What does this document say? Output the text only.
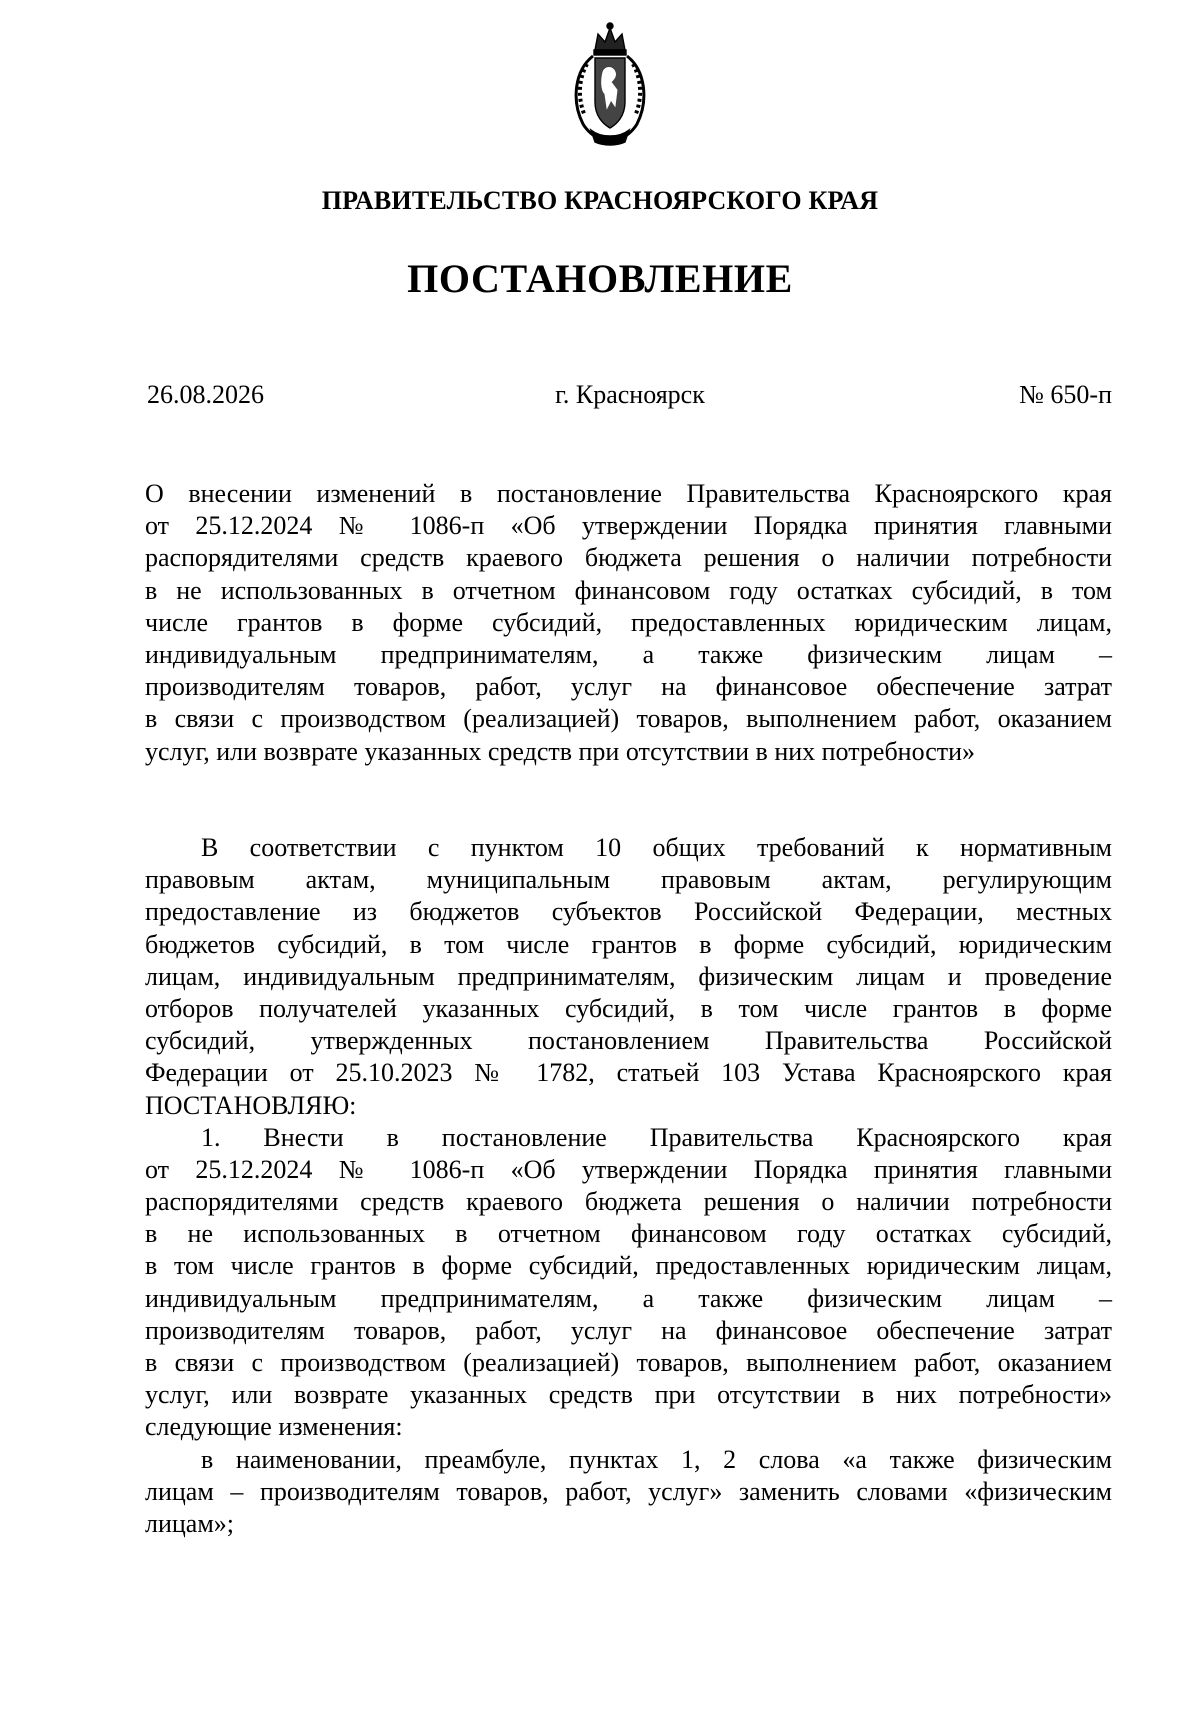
ПРАВИТЕЛЬСТВО КРАСНОЯРСКОГО КРАЯ
ПОСТАНОВЛЕНИЕ
26.08.2026	г. Красноярск	№ 650-п
О внесении изменений в постановление Правительства Красноярского края
от 25.12.2024 № 1086-п «Об утверждении Порядка принятия главными
распорядителями средств краевого бюджета решения о наличии потребности
в не использованных в отчетном финансовом году остатках субсидий, в том
числе грантов в форме субсидий, предоставленных юридическим лицам,
индивидуальным предпринимателям, а также физическим лицам –
производителям товаров, работ, услуг на финансовое обеспечение затрат
в связи с производством (реализацией) товаров, выполнением работ, оказанием
услуг, или возврате указанных средств при отсутствии в них потребности»
В соответствии с пунктом 10 общих требований к нормативным
правовым актам, муниципальным правовым актам, регулирующим
предоставление из бюджетов субъектов Российской Федерации, местных
бюджетов субсидий, в том числе грантов в форме субсидий, юридическим
лицам, индивидуальным предпринимателям, физическим лицам и проведение
отборов получателей указанных субсидий, в том числе грантов в форме
субсидий, утвержденных постановлением Правительства Российской
Федерации от 25.10.2023 № 1782, статьей 103 Устава Красноярского края
ПОСТАНОВЛЯЮ:
1. Внести в постановление Правительства Красноярского края
от 25.12.2024 № 1086-п «Об утверждении Порядка принятия главными
распорядителями средств краевого бюджета решения о наличии потребности
в не использованных в отчетном финансовом году остатках субсидий,
в том числе грантов в форме субсидий, предоставленных юридическим лицам,
индивидуальным предпринимателям, а также физическим лицам –
производителям товаров, работ, услуг на финансовое обеспечение затрат
в связи с производством (реализацией) товаров, выполнением работ, оказанием
услуг, или возврате указанных средств при отсутствии в них потребности»
следующие изменения:
в наименовании, преамбуле, пунктах 1, 2 слова «а также физическим
лицам – производителям товаров, работ, услуг» заменить словами «физическим
лицам»;
